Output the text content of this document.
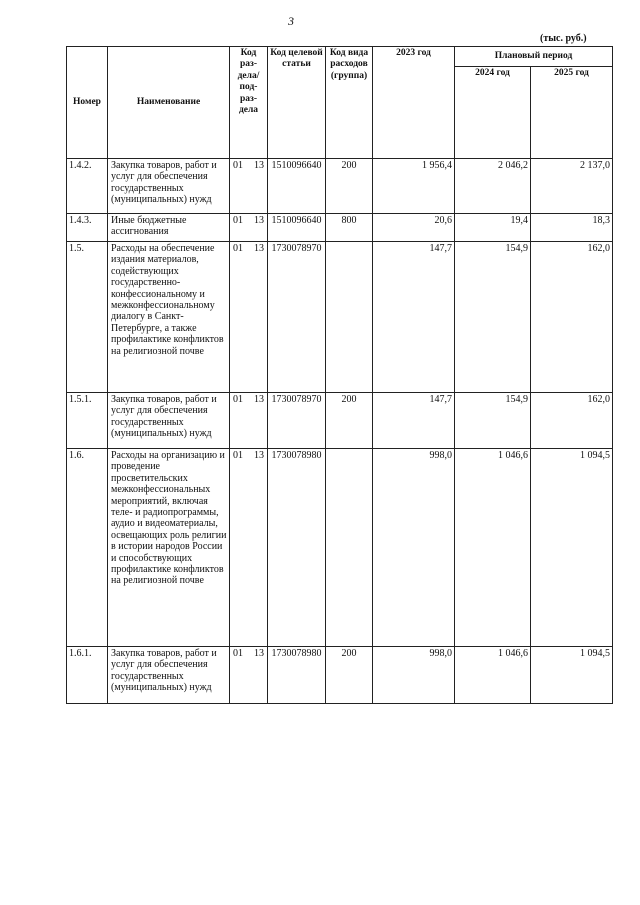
3
(тыс. руб.)
Номер	Наименование	Код раз-дела/ под-раз-дела	Код целевой статьи	Код вида расходов (группа)	2023 год	Плановый период	
						2024 год	2025 год
1.4.2.	Закупка товаров, работ и услуг для обеспечения государственных (муниципальных) нужд	01 13	1510096640	200	1 956,4	2 046,2	2 137,0
1.4.3.	Иные бюджетные ассигнования	01 13	1510096640	800	20,6	19,4	18,3
1.5.	Расходы на обеспечение издания материалов, содействующих государственно-конфессиональному и межконфессиональному диалогу в Санкт-Петербурге, а также профилактике конфликтов на религиозной почве	01 13	1730078970		147,7	154,9	162,0
1.5.1.	Закупка товаров, работ и услуг для обеспечения государственных (муниципальных) нужд	01 13	1730078970	200	147,7	154,9	162,0
1.6.	Расходы на организацию и проведение просветительских межконфессиональных мероприятий, включая теле- и радиопрограммы, аудио и видеоматериалы, освещающих роль религии в истории народов России и способствующих профилактике конфликтов на религиозной почве	01 13	1730078980		998,0	1 046,6	1 094,5
1.6.1.	Закупка товаров, работ и услуг для обеспечения государственных (муниципальных) нужд	01 13	1730078980	200	998,0	1 046,6	1 094,5
